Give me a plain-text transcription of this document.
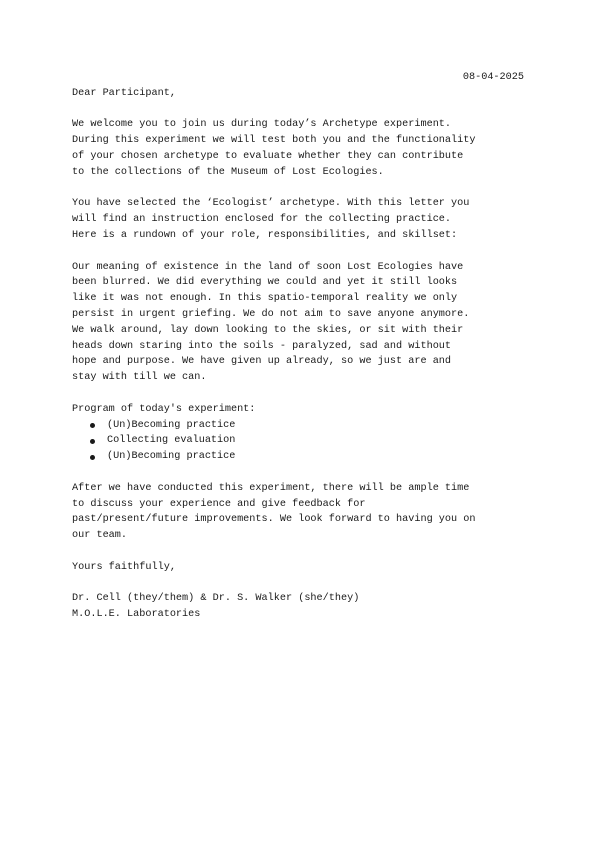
08-04-2025
Dear Participant,
We welcome you to join us during today’s Archetype experiment.
During this experiment we will test both you and the functionality
of your chosen archetype to evaluate whether they can contribute
to the collections of the Museum of Lost Ecologies.
You have selected the ‘Ecologist’ archetype. With this letter you
will find an instruction enclosed for the collecting practice.
Here is a rundown of your role, responsibilities, and skillset:
Our meaning of existence in the land of soon Lost Ecologies have
been blurred. We did everything we could and yet it still looks
like it was not enough. In this spatio-temporal reality we only
persist in urgent griefing. We do not aim to save anyone anymore.
We walk around, lay down looking to the skies, or sit with their
heads down staring into the soils - paralyzed, sad and without
hope and purpose. We have given up already, so we just are and
stay with till we can.
Program of today's experiment:
(Un)Becoming practice
Collecting evaluation
(Un)Becoming practice
After we have conducted this experiment, there will be ample time
to discuss your experience and give feedback for
past/present/future improvements. We look forward to having you on
our team.
Yours faithfully,
Dr. Cell (they/them) & Dr. S. Walker (she/they)
M.O.L.E. Laboratories
